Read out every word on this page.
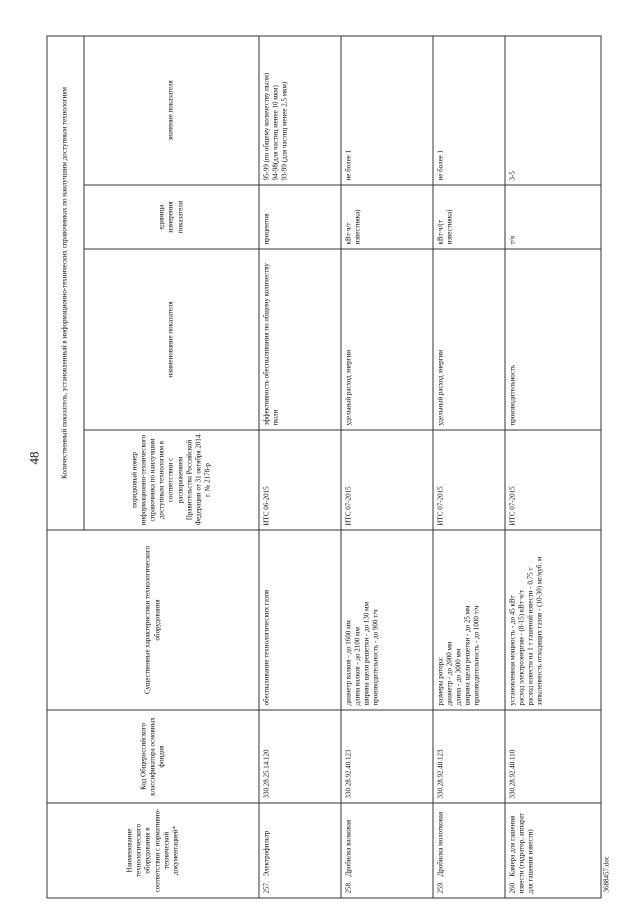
48
Наименование технологического оборудования в соответствии с нормативно-технической документацией*	Код Общероссийского классификатора основных фондов	Существенные характеристики технологического оборудования	Количественный показатель, установленный в информационно-технических справочниках по наилучшим доступным технологиям			
			порядковый номер информационно-технического справочника по наилучшим доступным технологиям в соответствии с распоряжением Правительства Российской Федерации от 31 октября 2014 г. № 2178-р	наименование показателя	единица измерения показателя	значение показателя
257.Электрофильтр	330.28.25.14.120	обеспыливание технологических газов	ИТС 06-2015	эффективность обеспыливания по общему количеству пыли	процентов	95-99 (по общему количеству пыли) 94-98(для частиц менее 10 мкм) 93-99 (для частиц менее 2,5 мкм)

258.Дробилка валковая	330.28.92.40.123	диаметр валков - до 1600 мм длина валков - до 2100 мм ширина щели решетки - до 130 мм производительность - до 900 т/ч	ИТС 07-2015	удельный расход энергии	кВт·ч/т известняка)	не более 1

259.Дробилка молотковая	330.28.92.40.123	размеры ротора: диаметр - до 2000 мм длина - до 3000 мм ширина щели решетки - до 25 мм производительность - до 1000 т/ч	ИТС 07-2015	удельный расход энергии	кВт·ч/(т известняка)	не более 1

260.Камера для гашения извести (гидратор, аппарат для гашения извести)	330.28.92.40.110	установленная мощность - до 45 кВт расход электроэнергии - (8-15) кВт·ч/т расход извести на 1 т гашеной извести - 0,75 т запыленность отходящих газов - (10-30) мг/куб. м	ИТС 07-2015	производительность	т/ч	3-5
3688457.doc
